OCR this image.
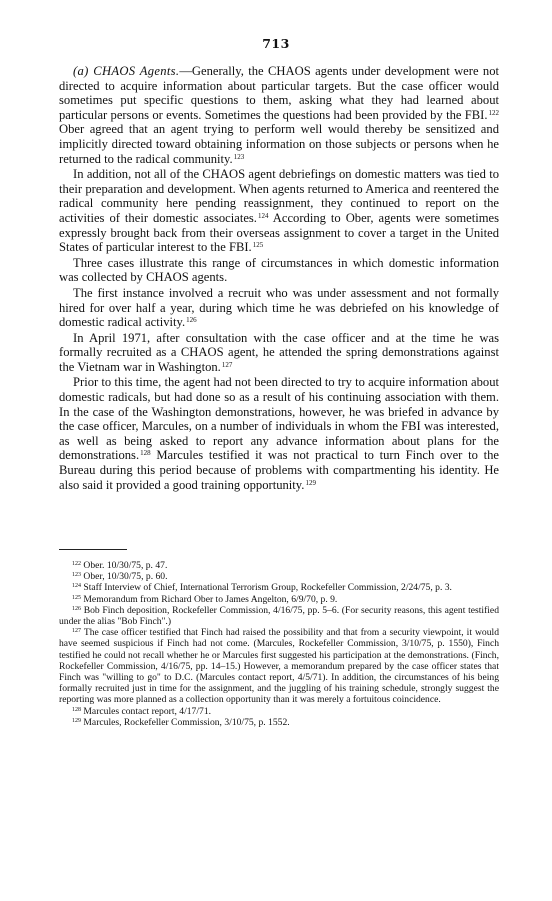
713

(a) CHAOS Agents.—Generally, the CHAOS agents under development were not directed to acquire information about particular targets. But the case officer would sometimes put specific questions to them, asking what they had learned about particular persons or events. Sometimes the questions had been provided by the FBI.$^{122}$ Ober agreed that an agent trying to perform well would thereby be sensitized and implicitly directed toward obtaining information on those subjects or persons when he returned to the radical community.$^{123}$

In addition, not all of the CHAOS agent debriefings on domestic matters was tied to their preparation and development. When agents returned to America and reentered the radical community here pending reassignment, they continued to report on the activities of their domestic associates.$^{124}$ According to Ober, agents were sometimes expressly brought back from their overseas assignment to cover a target in the United States of particular interest to the FBI.$^{125}$

Three cases illustrate this range of circumstances in which domestic information was collected by CHAOS agents.

The first instance involved a recruit who was under assessment and not formally hired for over half a year, during which time he was debriefed on his knowledge of domestic radical activity.$^{126}$

In April 1971, after consultation with the case officer and at the time he was formally recruited as a CHAOS agent, he attended the spring demonstrations against the Vietnam war in Washington.$^{127}$

Prior to this time, the agent had not been directed to try to acquire information about domestic radicals, but had done so as a result of his continuing association with them. In the case of the Washington demonstrations, however, he was briefed in advance by the case officer, Marcules, on a number of individuals in whom the FBI was interested, as well as being asked to report any advance information about plans for the demonstrations.$^{128}$ Marcules testified it was not practical to turn Finch over to the Bureau during this period because of problems with compartmenting his identity. He also said it provided a good training opportunity.$^{129}$

$^{122}$ Ober. 10/30/75, p. 47.

$^{123}$ Ober, 10/30/75, p. 60.

$^{124}$ Staff Interview of Chief, International Terrorism Group, Rockefeller Commission, 2/24/75, p. 3.

$^{125}$ Memorandum from Richard Ober to James Angelton, 6/9/70, p. 9.

$^{126}$ Bob Finch deposition, Rockefeller Commission, 4/16/75, pp. 5–6. (For security reasons, this agent testified under the alias "Bob Finch".)

$^{127}$ The case officer testified that Finch had raised the possibility and that from a security viewpoint, it would have seemed suspicious if Finch had not come. (Marcules, Rockefeller Commission, 3/10/75, p. 1550), Finch testified he could not recall whether he or Marcules first suggested his participation at the demonstrations. (Finch, Rockefeller Commission, 4/16/75, pp. 14–15.) However, a memorandum prepared by the case officer states that Finch was "willing to go" to D.C. (Marcules contact report, 4/5/71). In addition, the circumstances of his being formally recruited just in time for the assignment, and the juggling of his training schedule, strongly suggest the reporting was more planned as a collection opportunity than it was merely a fortuitous coincidence.

$^{128}$ Marcules contact report, 4/17/71.

$^{129}$ Marcules, Rockefeller Commission, 3/10/75, p. 1552.
